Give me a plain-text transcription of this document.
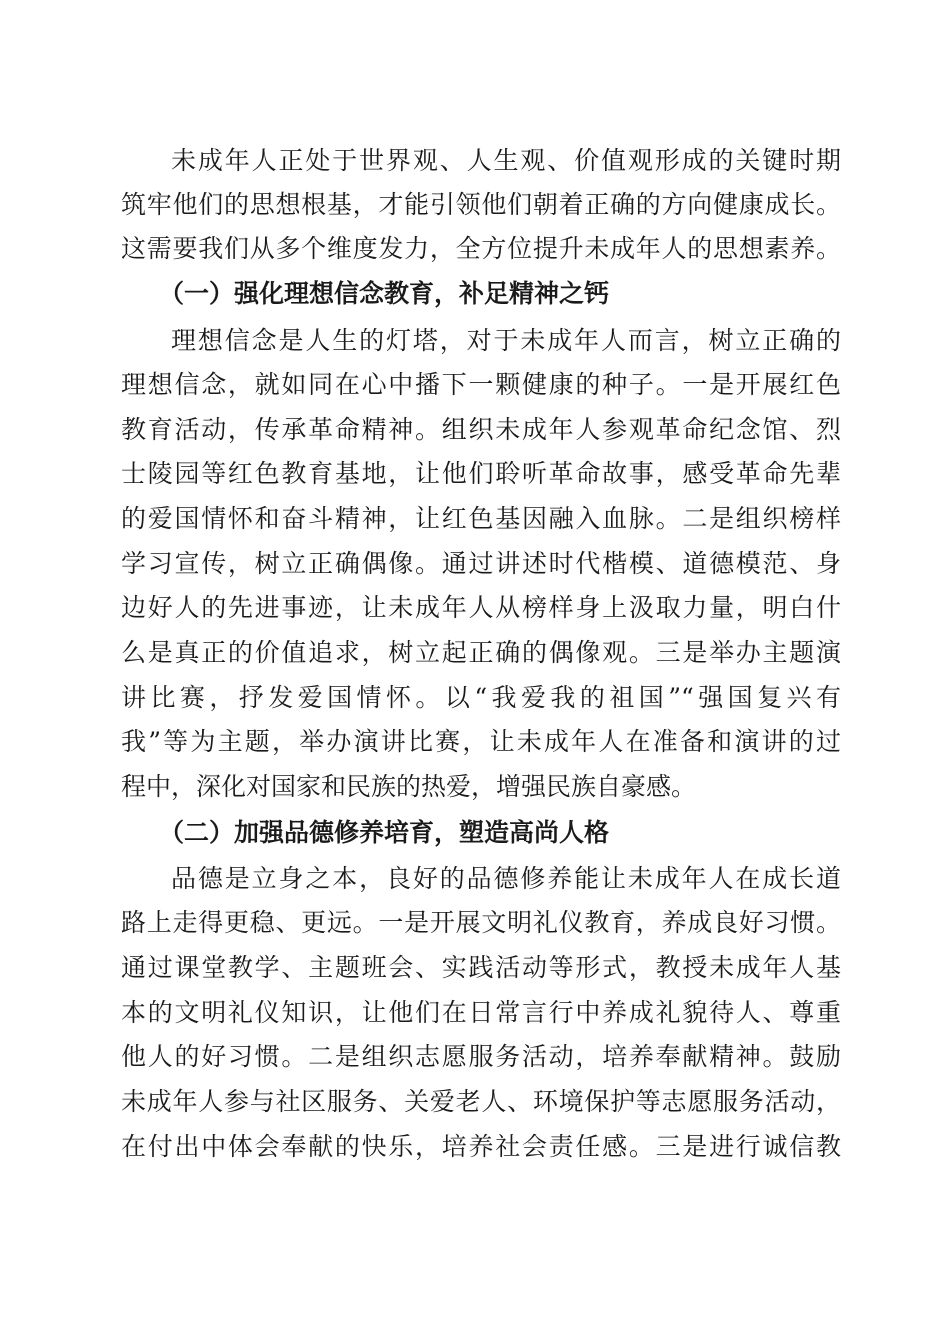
未成年人正处于世界观、人生观、价值观形成的关键时期
筑牢他们的思想根基，才能引领他们朝着正确的方向健康成长。
这需要我们从多个维度发力，全方位提升未成年人的思想素养。
（一）强化理想信念教育，补足精神之钙
理想信念是人生的灯塔，对于未成年人而言，树立正确的
理想信念，就如同在心中播下一颗健康的种子。一是开展红色
教育活动，传承革命精神。组织未成年人参观革命纪念馆、烈
士陵园等红色教育基地，让他们聆听革命故事，感受革命先辈
的爱国情怀和奋斗精神，让红色基因融入血脉。二是组织榜样
学习宣传，树立正确偶像。通过讲述时代楷模、道德模范、身
边好人的先进事迹，让未成年人从榜样身上汲取力量，明白什
么是真正的价值追求，树立起正确的偶像观。三是举办主题演
讲比赛，抒发爱国情怀。以“我爱我的祖国”“强国复兴有
我”等为主题，举办演讲比赛，让未成年人在准备和演讲的过
程中，深化对国家和民族的热爱，增强民族自豪感。
（二）加强品德修养培育，塑造高尚人格
品德是立身之本，良好的品德修养能让未成年人在成长道
路上走得更稳、更远。一是开展文明礼仪教育，养成良好习惯。
通过课堂教学、主题班会、实践活动等形式，教授未成年人基
本的文明礼仪知识，让他们在日常言行中养成礼貌待人、尊重
他人的好习惯。二是组织志愿服务活动，培养奉献精神。鼓励
未成年人参与社区服务、关爱老人、环境保护等志愿服务活动，
在付出中体会奉献的快乐，培养社会责任感。三是进行诚信教
